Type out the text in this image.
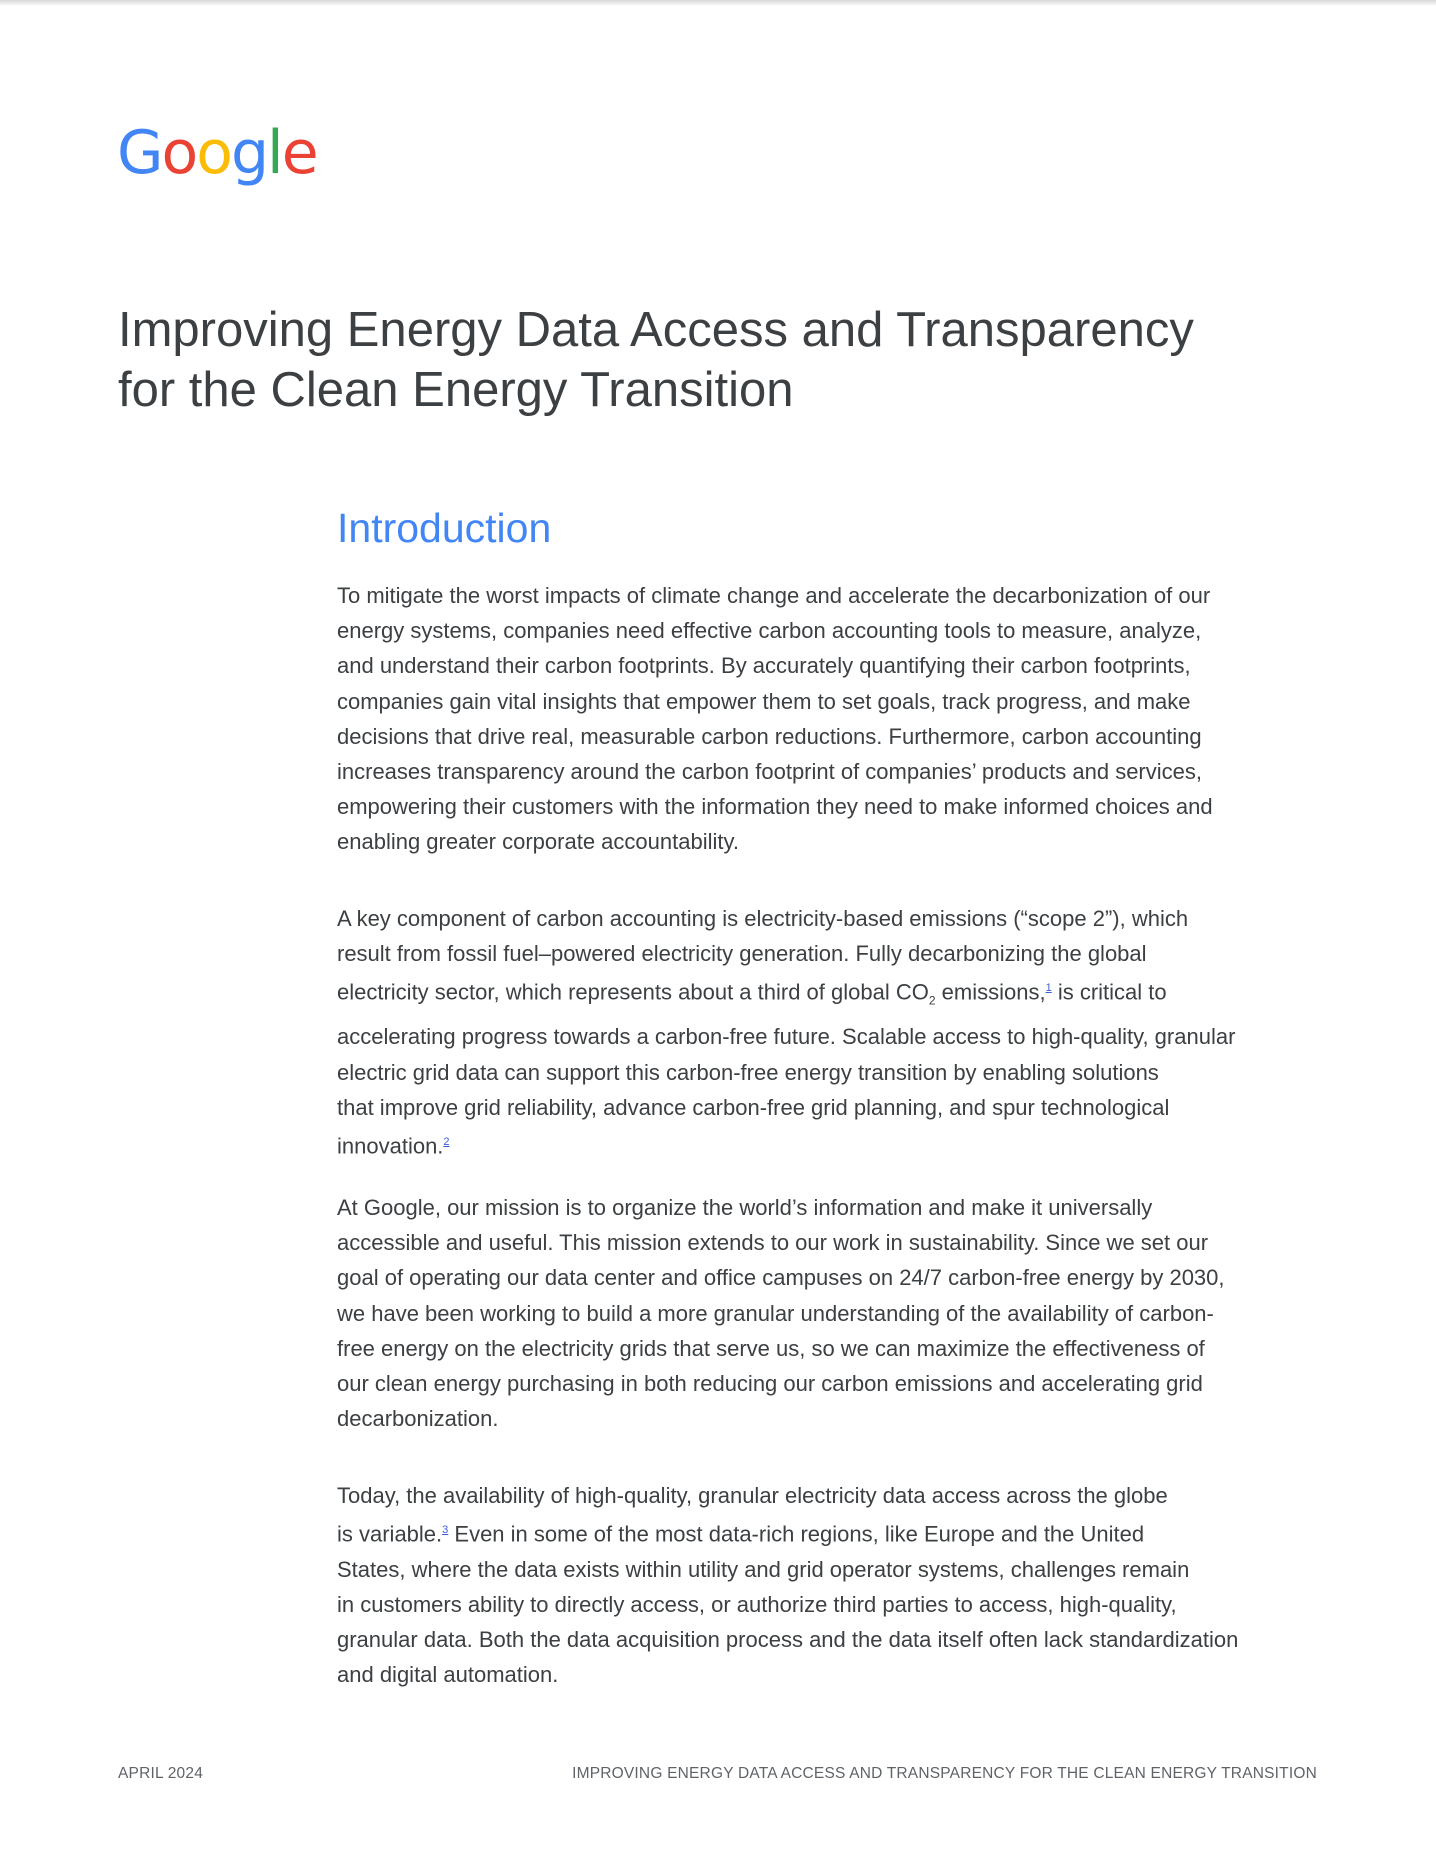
Google
Improving Energy Data Access and Transparency
for the Clean Energy Transition
Introduction
To mitigate the worst impacts of climate change and accelerate the decarbonization of our
energy systems, companies need effective carbon accounting tools to measure, analyze,
and understand their carbon footprints. By accurately quantifying their carbon footprints,
companies gain vital insights that empower them to set goals, track progress, and make
decisions that drive real, measurable carbon reductions. Furthermore, carbon accounting
increases transparency around the carbon footprint of companies’ products and services,
empowering their customers with the information they need to make informed choices and
enabling greater corporate accountability.
A key component of carbon accounting is electricity-based emissions (“scope 2”), which
result from fossil fuel–powered electricity generation. Fully decarbonizing the global
electricity sector, which represents about a third of global $CO_2$ emissions,$^1$ is critical to
accelerating progress towards a carbon-free future. Scalable access to high-quality, granular
electric grid data can support this carbon-free energy transition by enabling solutions
that improve grid reliability, advance carbon-free grid planning, and spur technological
innovation.$^2$
At Google, our mission is to organize the world’s information and make it universally
accessible and useful. This mission extends to our work in sustainability. Since we set our
goal of operating our data center and office campuses on 24/7 carbon-free energy by 2030,
we have been working to build a more granular understanding of the availability of carbon-
free energy on the electricity grids that serve us, so we can maximize the effectiveness of
our clean energy purchasing in both reducing our carbon emissions and accelerating grid
decarbonization.
Today, the availability of high-quality, granular electricity data access across the globe
is variable.$^3$ Even in some of the most data-rich regions, like Europe and the United
States, where the data exists within utility and grid operator systems, challenges remain
in customers ability to directly access, or authorize third parties to access, high-quality,
granular data. Both the data acquisition process and the data itself often lack standardization
and digital automation.
APRIL 2024	IMPROVING ENERGY DATA ACCESS AND TRANSPARENCY FOR THE CLEAN ENERGY TRANSITION
